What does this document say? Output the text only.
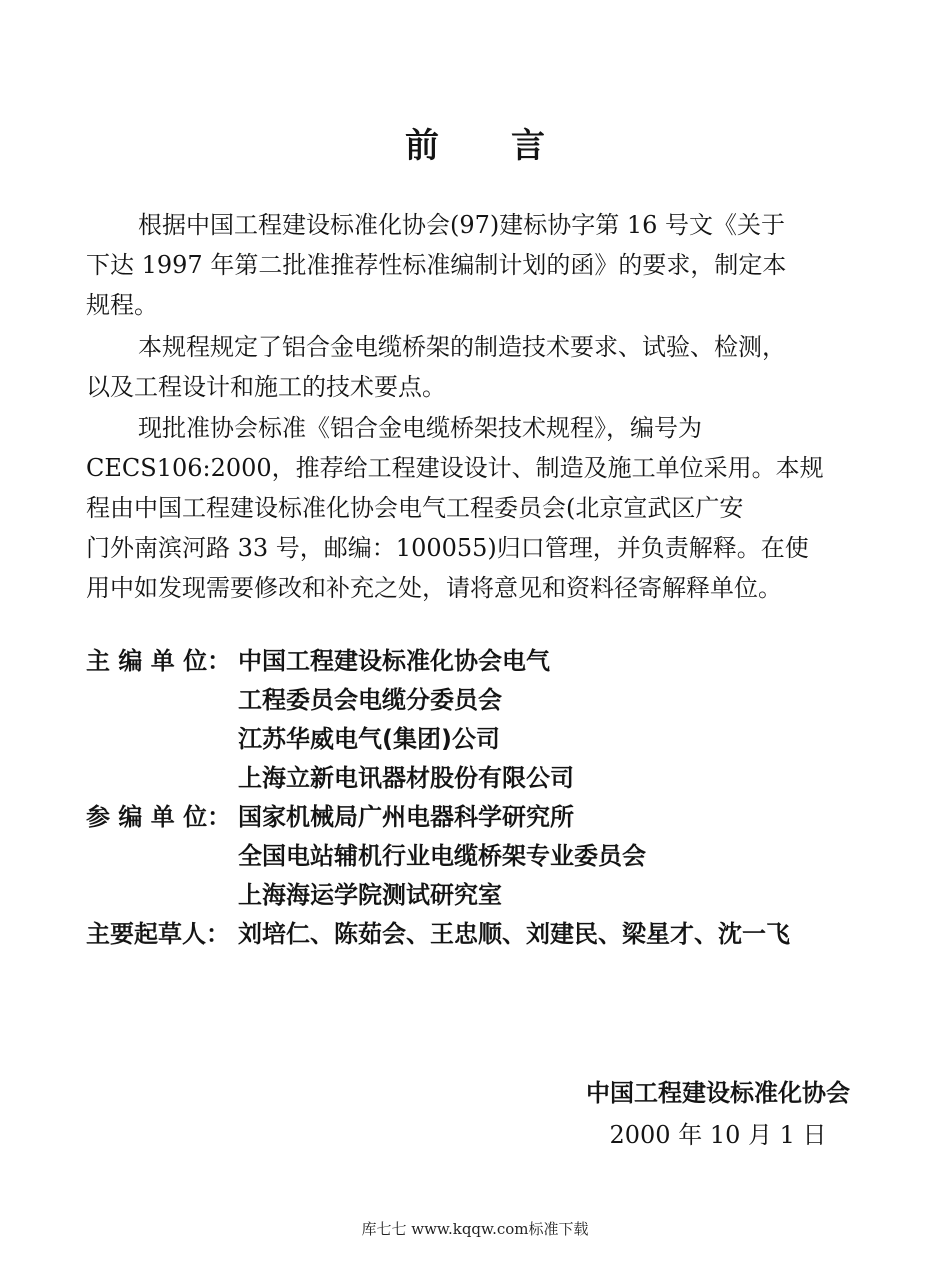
前 言
根据中国工程建设标准化协会(97)建标协字第 16 号文《关于
下达 1997 年第二批准推荐性标准编制计划的函》的要求，制定本
规程。
本规程规定了铝合金电缆桥架的制造技术要求、试验、检测，
以及工程设计和施工的技术要点。
现批准协会标准《铝合金电缆桥架技术规程》，编号为
CECS106:2000，推荐给工程建设设计、制造及施工单位采用。本规
程由中国工程建设标准化协会电气工程委员会(北京宣武区广安
门外南滨河路 33 号，邮编：100055)归口管理，并负责解释。在使
用中如发现需要修改和补充之处，请将意见和资料径寄解释单位。
主 编 单 位： 中国工程建设标准化协会电气
工程委员会电缆分委员会
江苏华威电气(集团)公司
上海立新电讯器材股份有限公司
参 编 单 位： 国家机械局广州电器科学研究所
全国电站辅机行业电缆桥架专业委员会
上海海运学院测试研究室
主要起草人： 刘培仁、陈茹会、王忠顺、刘建民、梁星才、沈一飞
中国工程建设标准化协会
2000 年 10 月 1 日
库七七 www.kqqw.com标准下载
